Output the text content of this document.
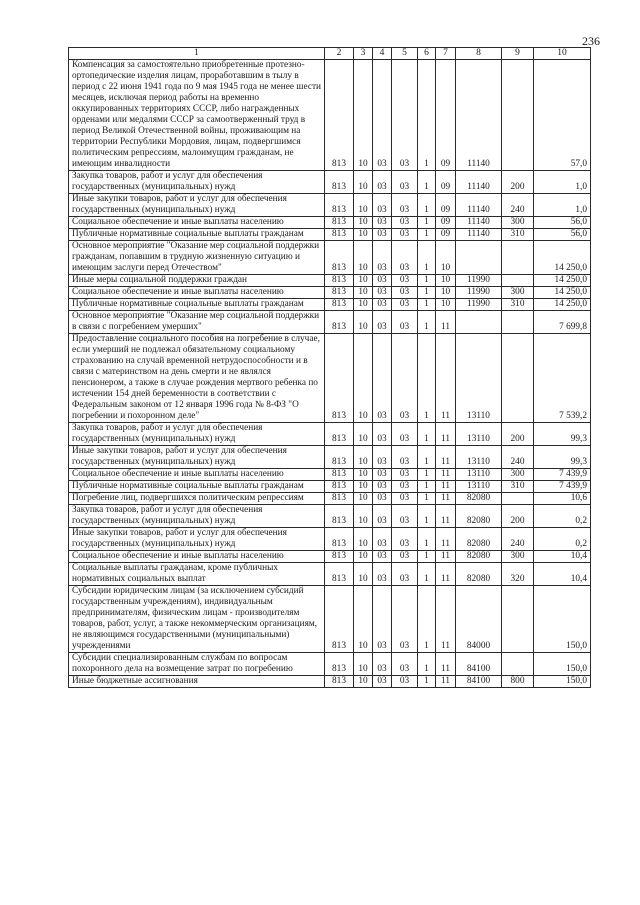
236
1	2	3	4	5	6	7	8	9	10
Компенсация за самостоятельно приобретенные протезно-ортопедические изделия лицам, проработавшим в тылу в период с 22 июня 1941 года по 9 мая 1945 года не менее шести месяцев, исключая период работы на временно оккупированных территориях СССР, либо награжденных орденами или медалями СССР за самоотверженный труд в период Великой Отечественной войны, проживающим на территории Республики Мордовия, лицам, подвергшимся политическим репрессиям, малоимущим гражданам, не имеющим инвалидности	813	10	03	03	1	09	11140		57,0
Закупка товаров, работ и услуг для обеспечения государственных (муниципальных) нужд	813	10	03	03	1	09	11140	200	1,0
Иные закупки товаров, работ и услуг для обеспечения государственных (муниципальных) нужд	813	10	03	03	1	09	11140	240	1,0
Социальное обеспечение и иные выплаты населению	813	10	03	03	1	09	11140	300	56,0
Публичные нормативные социальные выплаты гражданам	813	10	03	03	1	09	11140	310	56,0
Основное мероприятие "Оказание мер социальной поддержки гражданам, попавшим в трудную жизненную ситуацию и имеющим заслуги перед Отечеством"	813	10	03	03	1	10			14 250,0
Иные меры социальной поддержки граждан	813	10	03	03	1	10	11990		14 250,0
Социальное обеспечение и иные выплаты населению	813	10	03	03	1	10	11990	300	14 250,0
Публичные нормативные социальные выплаты гражданам	813	10	03	03	1	10	11990	310	14 250,0
Основное мероприятие "Оказание мер социальной поддержки в связи с погребением умерших"	813	10	03	03	1	11			7 699,8
Предоставление социального пособия на погребение в случае, если умерший не подлежал обязательному социальному страхованию на случай временной нетрудоспособности и в связи с материнством на день смерти и не являлся пенсионером, а также в случае рождения мертвого ребенка по истечении 154 дней беременности в соответствии с Федеральным законом от 12 января 1996 года № 8-ФЗ "О погребении и похоронном деле"	813	10	03	03	1	11	13110		7 539,2
Закупка товаров, работ и услуг для обеспечения государственных (муниципальных) нужд	813	10	03	03	1	11	13110	200	99,3
Иные закупки товаров, работ и услуг для обеспечения государственных (муниципальных) нужд	813	10	03	03	1	11	13110	240	99,3
Социальное обеспечение и иные выплаты населению	813	10	03	03	1	11	13110	300	7 439,9
Публичные нормативные социальные выплаты гражданам	813	10	03	03	1	11	13110	310	7 439,9
Погребение лиц, подвергшихся политическим репрессиям	813	10	03	03	1	11	82080		10,6
Закупка товаров, работ и услуг для обеспечения государственных (муниципальных) нужд	813	10	03	03	1	11	82080	200	0,2
Иные закупки товаров, работ и услуг для обеспечения государственных (муниципальных) нужд	813	10	03	03	1	11	82080	240	0,2
Социальное обеспечение и иные выплаты населению	813	10	03	03	1	11	82080	300	10,4
Социальные выплаты гражданам, кроме публичных нормативных социальных выплат	813	10	03	03	1	11	82080	320	10,4
Субсидии юридическим лицам (за исключением субсидий государственным учреждениям), индивидуальным предпринимателям, физическим лицам - производителям товаров, работ, услуг, а также некоммерческим организациям, не являющимся государственными (муниципальными) учреждениями	813	10	03	03	1	11	84000		150,0
Субсидии специализированным службам по вопросам похоронного дела на возмещение затрат по погребению	813	10	03	03	1	11	84100		150,0
Иные бюджетные ассигнования	813	10	03	03	1	11	84100	800	150,0
